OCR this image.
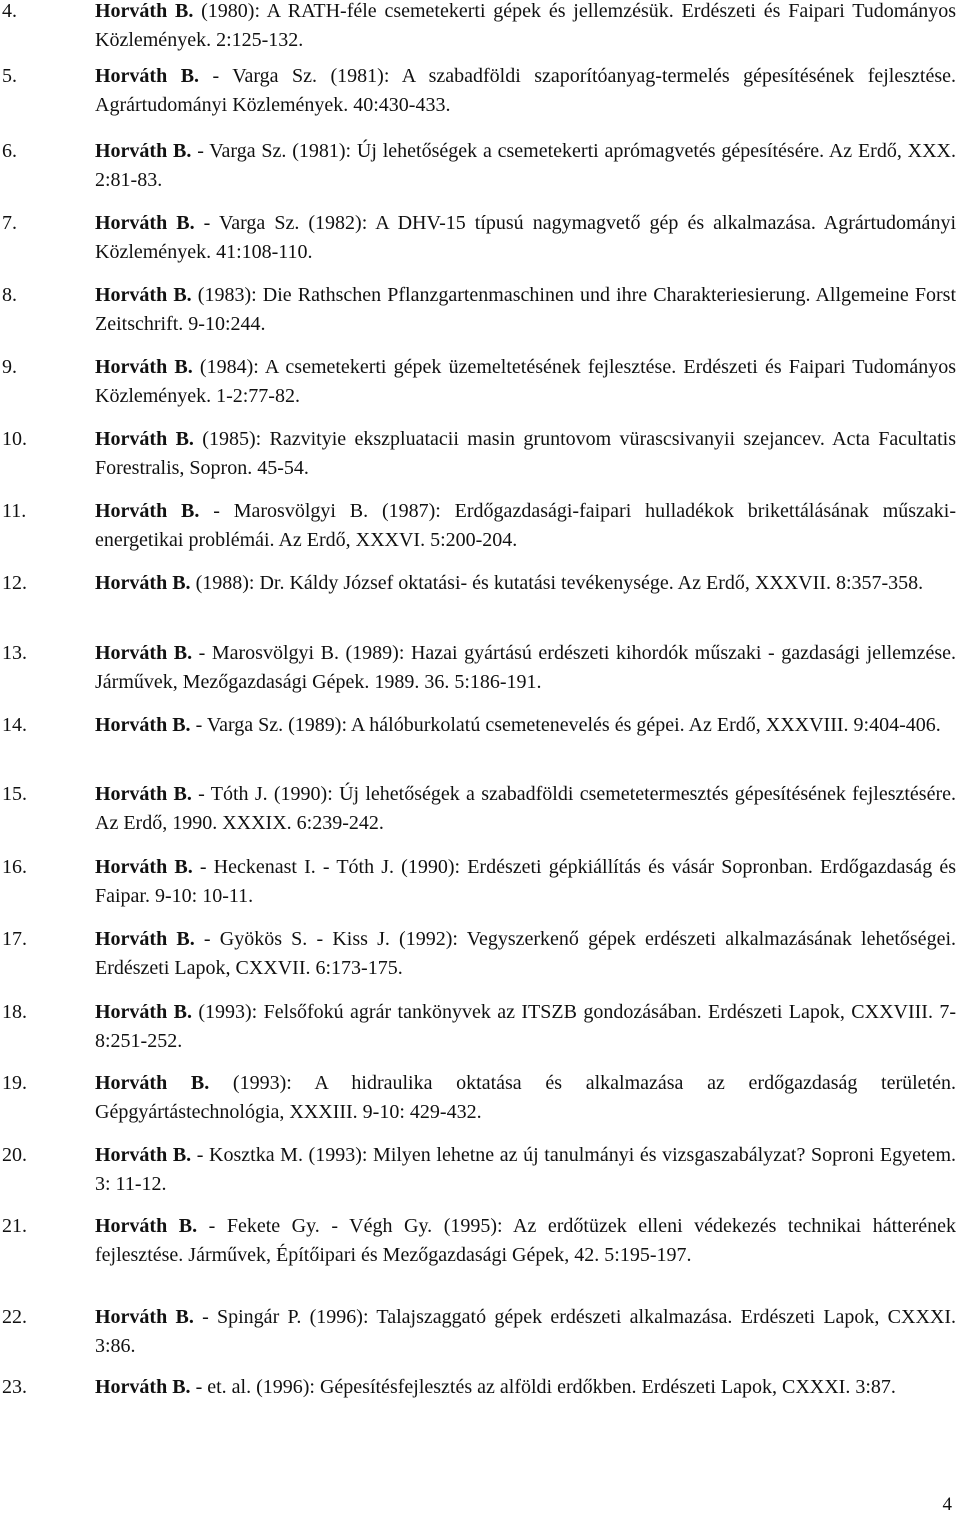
4.	Horváth B. (1980): A RATH-féle csemetekerti gépek és jellemzésük. Erdészeti és Faipari Tudományos Közlemények. 2:125-132.
5.	Horváth B. - Varga Sz. (1981): A szabadföldi szaporítóanyag-termelés gépesítésének fejlesztése. Agrártudományi Közlemények. 40:430-433.
6.	Horváth B. - Varga Sz. (1981): Új lehetőségek a csemetekerti aprómagvetés gépesítésére. Az Erdő, XXX. 2:81-83.
7.	Horváth B. - Varga Sz. (1982): A DHV-15 típusú nagymagvető gép és alkalmazása. Agrártudományi Közlemények. 41:108-110.
8.	Horváth B. (1983): Die Rathschen Pflanzgartenmaschinen und ihre Charakteriesierung. Allgemeine Forst Zeitschrift. 9-10:244.
9.	Horváth B. (1984): A csemetekerti gépek üzemeltetésének fejlesztése. Erdészeti és Faipari Tudományos Közlemények. 1-2:77-82.
10.	Horváth B. (1985): Razvityie ekszpluatacii masin gruntovom vürascsivanyii szejancev. Acta Facultatis Forestralis, Sopron. 45-54.
11.	Horváth B. - Marosvölgyi B. (1987): Erdőgazdasági-faipari hulladékok brikettálásának műszaki-energetikai problémái. Az Erdő, XXXVI. 5:200-204.
12.	Horváth B. (1988): Dr. Káldy József oktatási- és kutatási tevékenysége. Az Erdő, XXXVII. 8:357-358.
13.	Horváth B. - Marosvölgyi B. (1989): Hazai gyártású erdészeti kihordók műszaki - gazdasági jellemzése. Járművek, Mezőgazdasági Gépek. 1989. 36. 5:186-191.
14.	Horváth B. - Varga Sz. (1989): A hálóburkolatú csemetenevelés és gépei. Az Erdő, XXXVIII. 9:404-406.
15.	Horváth B. - Tóth J. (1990): Új lehetőségek a szabadföldi csemetetermesztés gépesítésének fejlesztésére. Az Erdő, 1990. XXXIX. 6:239-242.
16.	Horváth B. - Heckenast I. - Tóth J. (1990): Erdészeti gépkiállítás és vásár Sopronban. Erdőgazdaság és Faipar. 9-10: 10-11.
17.	Horváth B. - Gyökös S. - Kiss J. (1992): Vegyszerkenő gépek erdészeti alkalmazásának lehetőségei. Erdészeti Lapok, CXXVII. 6:173-175.
18.	Horváth B. (1993): Felsőfokú agrár tankönyvek az ITSZB gondozásában. Erdészeti Lapok, CXXVIII. 7-8:251-252.
19.	Horváth B. (1993): A hidraulika oktatása és alkalmazása az erdőgazdaság területén. Gépgyártástechnológia, XXXIII. 9-10: 429-432.
20.	Horváth B. - Kosztka M. (1993): Milyen lehetne az új tanulmányi és vizsgaszabályzat? Soproni Egyetem. 3: 11-12.
21.	Horváth B. - Fekete Gy. - Végh Gy. (1995): Az erdőtüzek elleni védekezés technikai hátterének fejlesztése. Járművek, Építőipari és Mezőgazdasági Gépek, 42. 5:195-197.
22.	Horváth B. - Spingár P. (1996): Talajszaggató gépek erdészeti alkalmazása. Erdészeti Lapok, CXXXI. 3:86.
23.	Horváth B. - et. al. (1996): Gépesítésfejlesztés az alföldi erdőkben. Erdészeti Lapok, CXXXI. 3:87.
4
